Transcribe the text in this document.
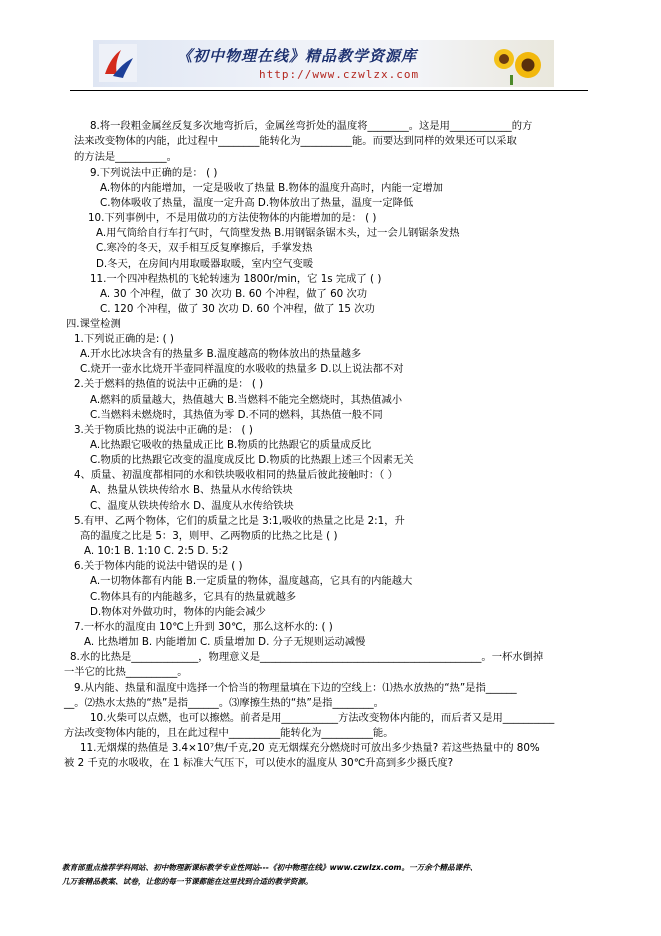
《初中物理在线》精品教学资源库
http://www.czwlzx.com
8.将一段粗金属丝反复多次地弯折后，金属丝弯折处的温度将________。这是用____________的方
法来改变物体的内能，此过程中________能转化为__________能。而要达到同样的效果还可以采取
的方法是__________。
9.下列说法中正确的是： ( )
A.物体的内能增加，一定是吸收了热量 B.物体的温度升高时，内能一定增加
C.物体吸收了热量，温度一定升高 D.物体放出了热量，温度一定降低
10.下列事例中，不是用做功的方法使物体的内能增加的是： ( )
A.用气筒给自行车打气时，气筒壁发热 B.用钢锯条锯木头，过一会儿钢锯条发热
C.寒冷的冬天，双手相互反复摩擦后，手掌发热
D.冬天，在房间内用取暖器取暖，室内空气变暖
11.一个四冲程热机的飞轮转速为 1800r/min，它 1s 完成了 ( )
A. 30 个冲程，做了 30 次功 B. 60 个冲程，做了 60 次功
C. 120 个冲程，做了 30 次功 D. 60 个冲程，做了 15 次功
四.课堂检测
1.下列说正确的是: ( )
A.开水比冰块含有的热量多 B.温度越高的物体放出的热量越多
C.烧开一壶水比烧开半壶同样温度的水吸收的热量多 D.以上说法都不对
2.关于燃料的热值的说法中正确的是： ( )
A.燃料的质量越大，热值越大 B.当燃料不能完全燃烧时，其热值减小
C.当燃料未燃烧时，其热值为零 D.不同的燃料，其热值一般不同
3.关于物质比热的说法中正确的是： ( )
A.比热跟它吸收的热量成正比 B.物质的比热跟它的质量成反比
C.物质的比热跟它改变的温度成反比 D.物质的比热跟上述三个因素无关
4、质量、初温度都相同的水和铁块吸收相同的热量后彼此接触时：（ ）
A、热量从铁块传给水 B、热量从水传给铁块
C、温度从铁块传给水 D、温度从水传给铁块
5.有甲、乙两个物体，它们的质量之比是 3:1,吸收的热量之比是 2:1，升
高的温度之比是 5：3，则甲、乙两物质的比热之比是 ( )
A. 10:1 B. 1:10 C. 2:5 D. 5:2
6.关于物体内能的说法中错误的是 ( )
A.一切物体都有内能 B.一定质量的物体，温度越高，它具有的内能越大
C.物体具有的内能越多，它具有的热量就越多
D.物体对外做功时，物体的内能会减少
7.一杯水的温度由 10℃上升到 30℃，那么这杯水的: ( )
A. 比热增加 B. 内能增加 C. 质量增加 D. 分子无规则运动减慢
8.水的比热是_____________，物理意义是___________________________________________。一杯水倒掉
一半它的比热__________。
9.从内能、热量和温度中选择一个恰当的物理量填在下边的空线上：⑴热水放热的“热”是指______
__。⑵热水太热的“热”是指______。⑶摩擦生热的“热”是指________。
10.火柴可以点燃，也可以擦燃。前者是用___________方法改变物体内能的，而后者又是用__________
方法改变物体内能的，且在此过程中__________能转化为__________能。
11.无烟煤的热值是 3.4×10⁷焦/千克,20 克无烟煤充分燃烧时可放出多少热量? 若这些热量中的 80%
被 2 千克的水吸收，在 1 标准大气压下，可以使水的温度从 30℃升高到多少摄氏度?
教育部重点推荐学科网站、初中物理新课标教学专业性网站---《初中物理在线》www.czwlzx.com。一万余个精品课件、
几万套精品教案、试卷，让您的每一节课都能在这里找到合适的教学资源。
